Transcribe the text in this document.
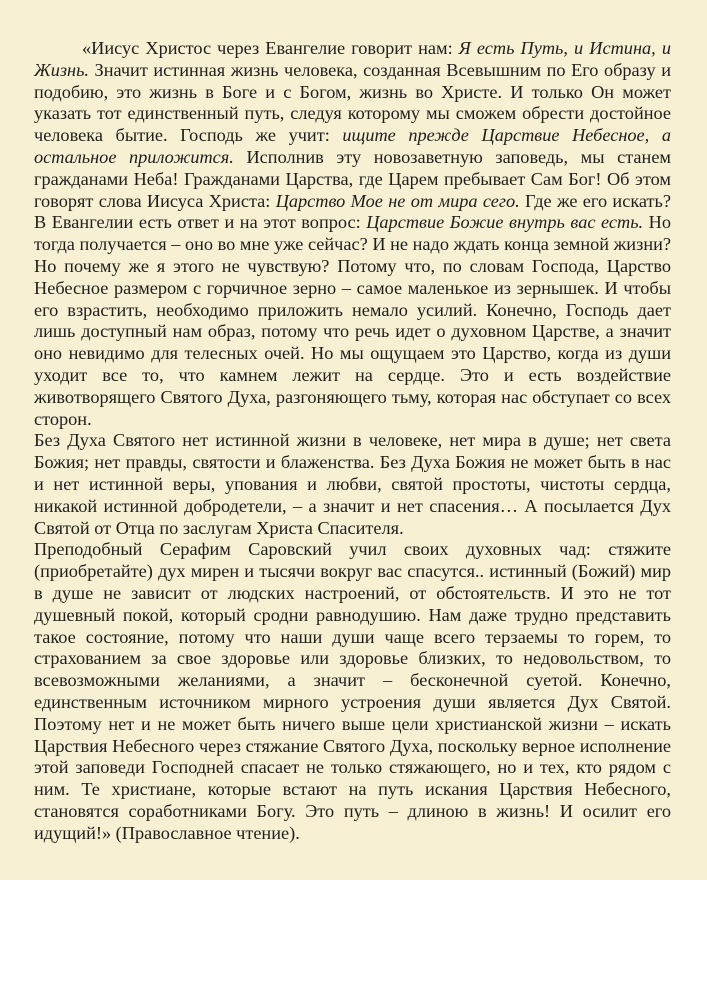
«Иисус Христос через Евангелие говорит нам: Я есть Путь, и Истина, и Жизнь. Значит истинная жизнь человека, созданная Всевышним по Его образу и подобию, это жизнь в Боге и с Богом, жизнь во Христе. И только Он может указать тот единственный путь, следуя которому мы сможем обрести достойное человека бытие. Господь же учит: ищите прежде Царствие Небесное, а остальное приложится. Исполнив эту новозаветную заповедь, мы станем гражданами Неба! Гражданами Царства, где Царем пребывает Сам Бог! Об этом говорят слова Иисуса Христа: Царство Мое не от мира сего. Где же его искать? В Евангелии есть ответ и на этот вопрос: Царствие Божие внутрь вас есть. Но тогда получается – оно во мне уже сейчас? И не надо ждать конца земной жизни? Но почему же я этого не чувствую? Потому что, по словам Господа, Царство Небесное размером с горчичное зерно – самое маленькое из зернышек. И чтобы его взрастить, необходимо приложить немало усилий. Конечно, Господь дает лишь доступный нам образ, потому что речь идет о духовном Царстве, а значит оно невидимо для телесных очей. Но мы ощущаем это Царство, когда из души уходит все то, что камнем лежит на сердце. Это и есть воздействие животворящего Святого Духа, разгоняющего тьму, которая нас обступает со всех сторон.

Без Духа Святого нет истинной жизни в человеке, нет мира в душе; нет света Божия; нет правды, святости и блаженства. Без Духа Божия не может быть в нас и нет истинной веры, упования и любви, святой простоты, чистоты сердца, никакой истинной добродетели, – а значит и нет спасения… А посылается Дух Святой от Отца по заслугам Христа Спасителя.

Преподобный Серафим Саровский учил своих духовных чад: стяжите (приобретайте) дух мирен и тысячи вокруг вас спасутся.. истинный (Божий) мир в душе не зависит от людских настроений, от обстоятельств. И это не тот душевный покой, который сродни равнодушию. Нам даже трудно представить такое состояние, потому что наши души чаще всего терзаемы то горем, то страхованием за свое здоровье или здоровье близких, то недовольством, то всевозможными желаниями, а значит – бесконечной суетой. Конечно, единственным источником мирного устроения души является Дух Святой. Поэтому нет и не может быть ничего выше цели христианской жизни – искать Царствия Небесного через стяжание Святого Духа, поскольку верное исполнение этой заповеди Господней спасает не только стяжающего, но и тех, кто рядом с ним. Те христиане, которые встают на путь искания Царствия Небесного, становятся соработниками Богу. Это путь – длиною в жизнь! И осилит его идущий!» (Православное чтение).
